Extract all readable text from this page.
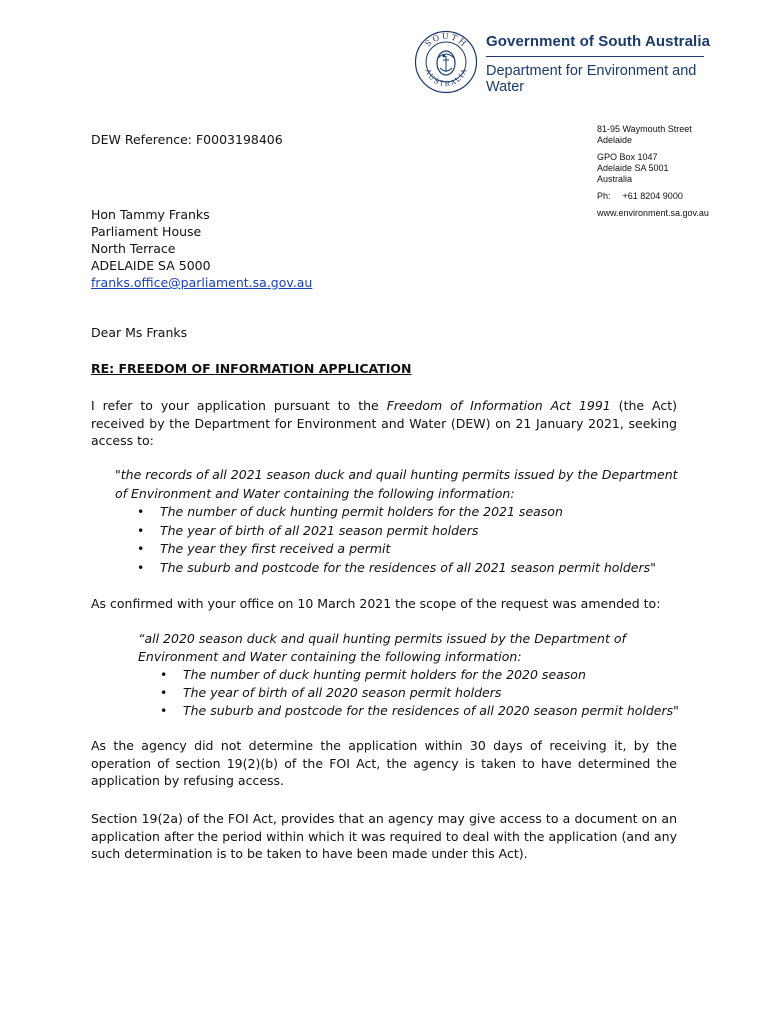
SOUTH
AUSTRALIA
Government of South Australia
Department for Environment and Water
81-95 Waymouth Street
Adelaide
GPO Box 1047
Adelaide SA 5001
Australia
Ph: +61 8204 9000
www.environment.sa.gov.au
DEW Reference: F0003198406
Hon Tammy Franks
Parliament House
North Terrace
ADELAIDE SA 5000
franks.office@parliament.sa.gov.au
Dear Ms Franks
RE: FREEDOM OF INFORMATION APPLICATION
I refer to your application pursuant to the Freedom of Information Act 1991 (the Act) received by the Department for Environment and Water (DEW) on 21 January 2021, seeking access to:
"the records of all 2021 season duck and quail hunting permits issued by the Department of Environment and Water containing the following information:
• The number of duck hunting permit holders for the 2021 season
• The year of birth of all 2021 season permit holders
• The year they first received a permit
• The suburb and postcode for the residences of all 2021 season permit holders"
As confirmed with your office on 10 March 2021 the scope of the request was amended to:
“all 2020 season duck and quail hunting permits issued by the Department of Environment and Water containing the following information:
• The number of duck hunting permit holders for the 2020 season
• The year of birth of all 2020 season permit holders
• The suburb and postcode for the residences of all 2020 season permit holders"
As the agency did not determine the application within 30 days of receiving it, by the operation of section 19(2)(b) of the FOI Act, the agency is taken to have determined the application by refusing access.
Section 19(2a) of the FOI Act, provides that an agency may give access to a document on an application after the period within which it was required to deal with the application (and any such determination is to be taken to have been made under this Act).
